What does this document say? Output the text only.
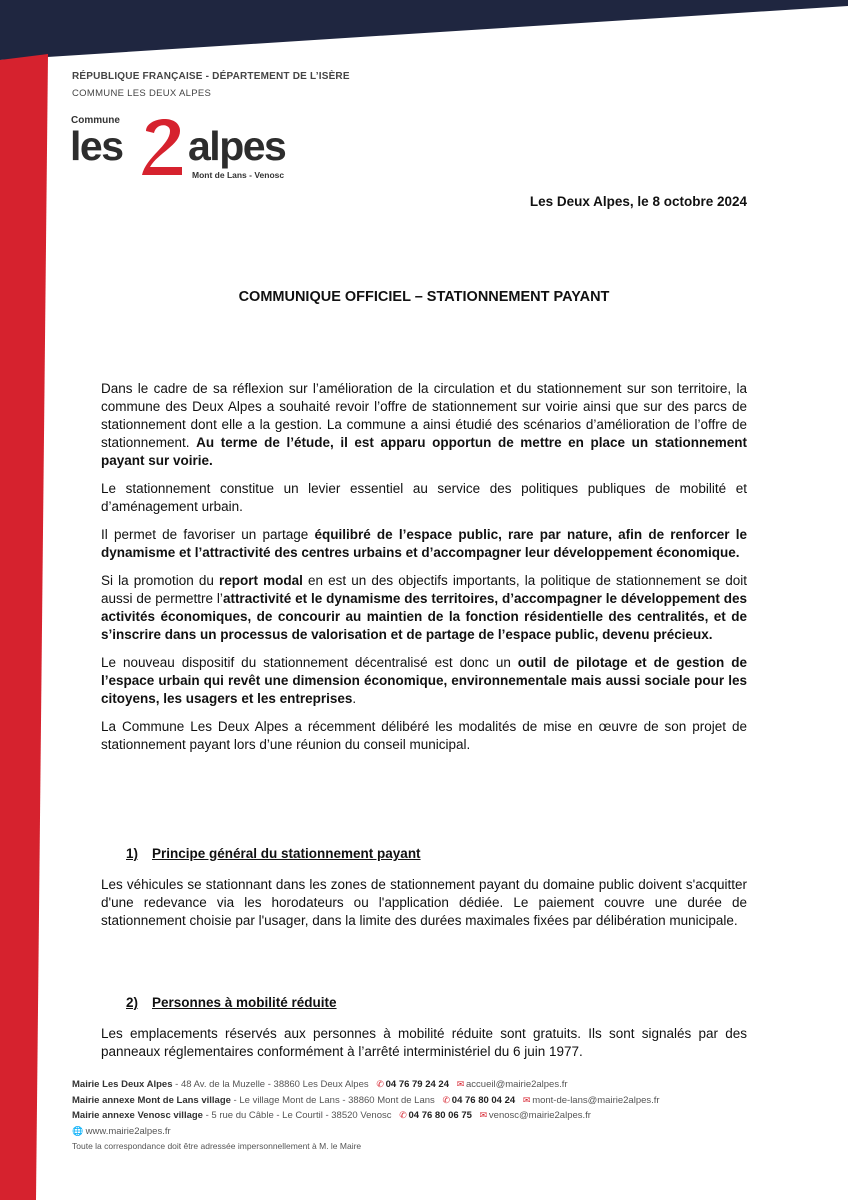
RÉPUBLIQUE FRANÇAISE - DÉPARTEMENT DE L’ISÈRE
COMMUNE LES DEUX ALPES
Commune
les alpes
Mont de Lans - Venosc
Les Deux Alpes, le 8 octobre 2024
COMMUNIQUE OFFICIEL – STATIONNEMENT PAYANT

Dans le cadre de sa réflexion sur l’amélioration de la circulation et du stationnement sur son territoire, la commune des Deux Alpes a souhaité revoir l’offre de stationnement sur voirie ainsi que sur des parcs de stationnement dont elle a la gestion. La commune a ainsi étudié des scénarios d’amélioration de l’offre de stationnement. Au terme de l’étude, il est apparu opportun de mettre en place un stationnement payant sur voirie.

Le stationnement constitue un levier essentiel au service des politiques publiques de mobilité et d’aménagement urbain.

Il permet de favoriser un partage équilibré de l’espace public, rare par nature, afin de renforcer le dynamisme et l’attractivité des centres urbains et d’accompagner leur développement économique.

Si la promotion du report modal en est un des objectifs importants, la politique de stationnement se doit aussi de permettre l’attractivité et le dynamisme des territoires, d’accompagner le développement des activités économiques, de concourir au maintien de la fonction résidentielle des centralités, et de s’inscrire dans un processus de valorisation et de partage de l’espace public, devenu précieux.

Le nouveau dispositif du stationnement décentralisé est donc un outil de pilotage et de gestion de l’espace urbain qui revêt une dimension économique, environnementale mais aussi sociale pour les citoyens, les usagers et les entreprises.

La Commune Les Deux Alpes a récemment délibéré les modalités de mise en œuvre de son projet de stationnement payant lors d’une réunion du conseil municipal.

1) Principe général du stationnement payant

Les véhicules se stationnant dans les zones de stationnement payant du domaine public doivent s'acquitter d'une redevance via les horodateurs ou l'application dédiée. Le paiement couvre une durée de stationnement choisie par l'usager, dans la limite des durées maximales fixées par délibération municipale.

2) Personnes à mobilité réduite

Les emplacements réservés aux personnes à mobilité réduite sont gratuits. Ils sont signalés par des panneaux réglementaires conformément à l’arrêté interministériel du 6 juin 1977.

Mairie Les Deux Alpes - 48 Av. de la Muzelle - 38860 Les Deux Alpes ✆ 04 76 79 24 24 ✉ accueil@mairie2alpes.fr
Mairie annexe Mont de Lans village - Le village Mont de Lans - 38860 Mont de Lans ✆ 04 76 80 04 24 ✉ mont-de-lans@mairie2alpes.fr
Mairie annexe Venosc village - 5 rue du Câble - Le Courtil - 38520 Venosc ✆ 04 76 80 06 75 ✉ venosc@mairie2alpes.fr
🌐 www.mairie2alpes.fr
Toute la correspondance doit être adressée impersonnellement à M. le Maire
